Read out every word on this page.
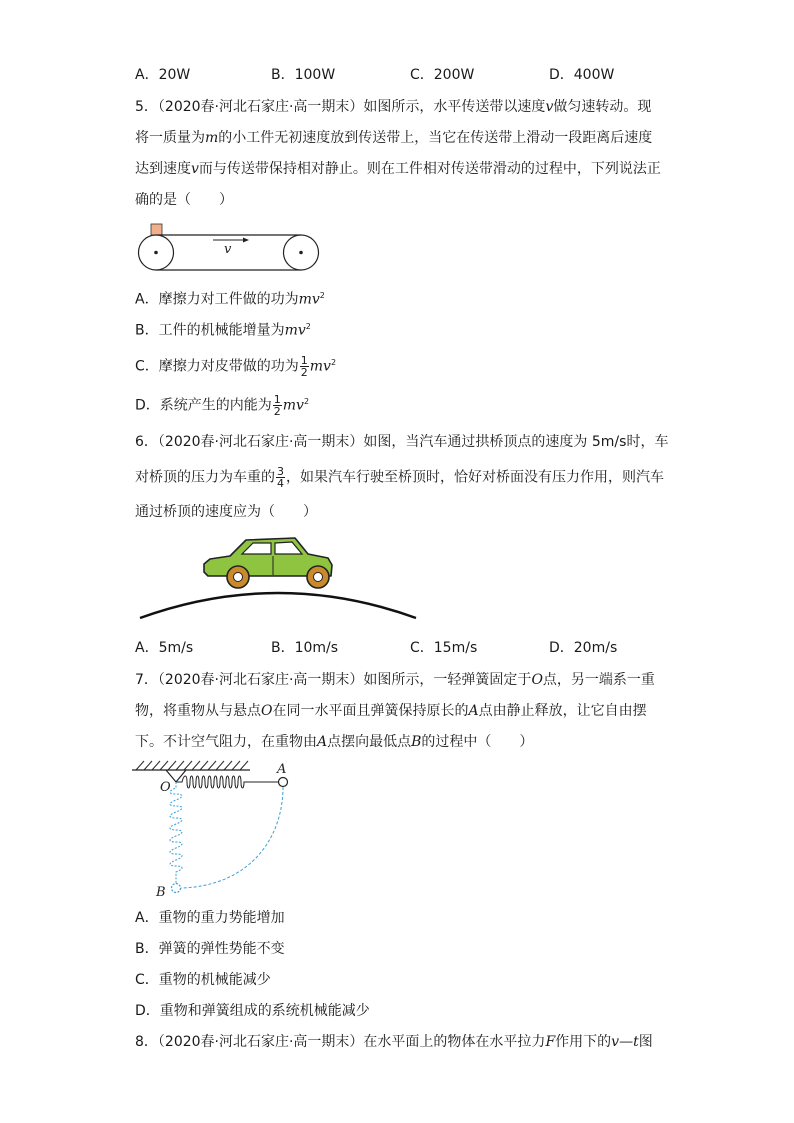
A．20W	B．100W	C．200W	D．400W
5．（2020春·河北石家庄·高一期末）如图所示，水平传送带以速度v做匀速转动。现
将一质量为m的小工件无初速度放到传送带上，当它在传送带上滑动一段距离后速度
达到速度v而与传送带保持相对静止。则在工件相对传送带滑动的过程中，下列说法正
确的是（　　）
v
A．摩擦力对工件做的功为$mv^2$
B．工件的机械能增量为$mv^2$
C．摩擦力对皮带做的功为 $\frac{1}{2} mv^2$
D．系统产生的内能为 $\frac{1}{2} mv^2$
6．（2020春·河北石家庄·高一期末）如图，当汽车通过拱桥顶点的速度为 5m/s时，车
对桥顶的压力为车重的 $\frac{3}{4}$ ，如果汽车行驶至桥顶时，恰好对桥面没有压力作用，则汽车
通过桥顶的速度应为（　　）
A．5m/s	B．10m/s	C．15m/s	D．20m/s
7．（2020春·河北石家庄·高一期末）如图所示，一轻弹簧固定于O点，另一端系一重
物，将重物从与悬点O在同一水平面且弹簧保持原长的A点由静止释放，让它自由摆
下。不计空气阻力，在重物由A点摆向最低点B的过程中（　　）
O
A
B
A．重物的重力势能增加
B．弹簧的弹性势能不变
C．重物的机械能减少
D．重物和弹簧组成的系统机械能减少
8．（2020春·河北石家庄·高一期末）在水平面上的物体在水平拉力F作用下的v—t图
